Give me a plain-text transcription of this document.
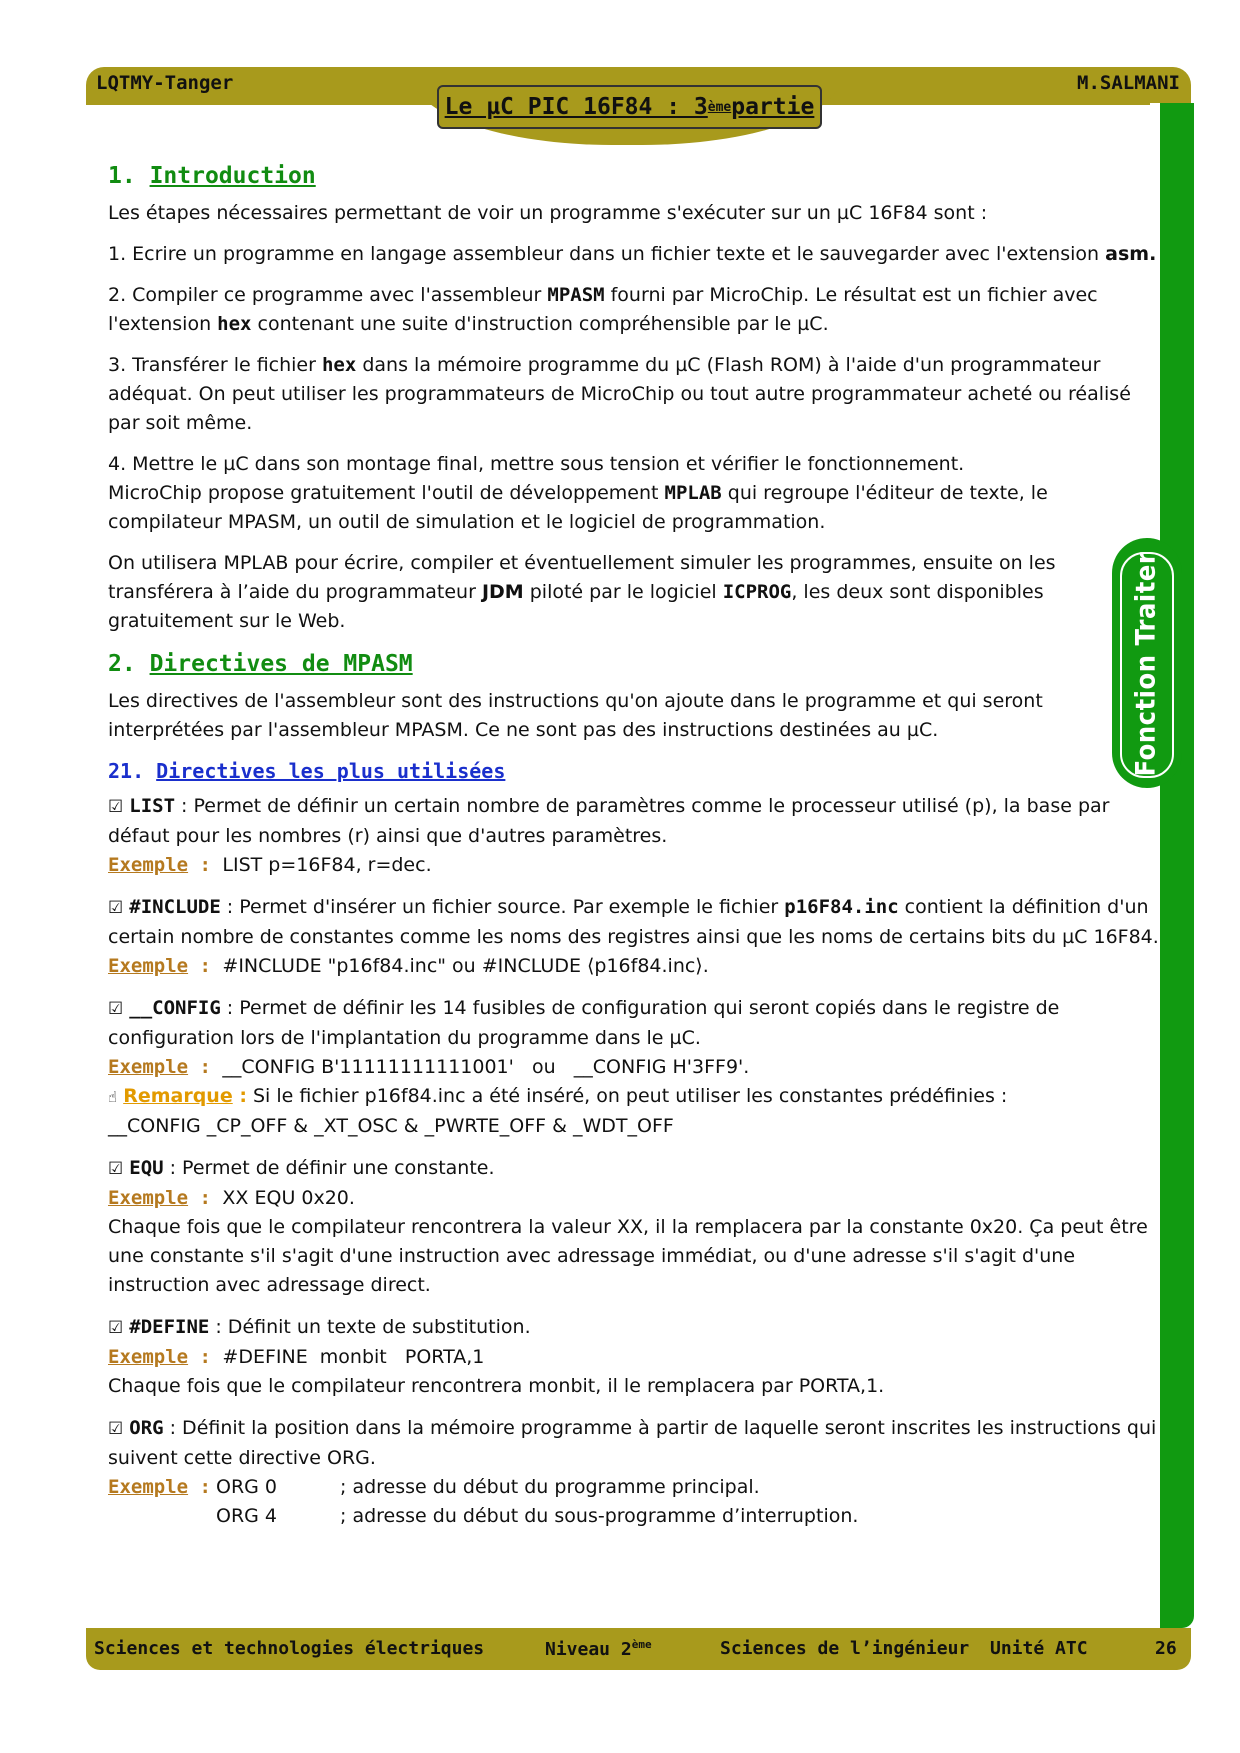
LQTMY-Tanger	M.SALMANI
Le µC PIC 16F84 : 3 ème partie
Fonction Traiter
1. Introduction

Les étapes nécessaires permettant de voir un programme s'exécuter sur un µC 16F84 sont :

1. Ecrire un programme en langage assembleur dans un fichier texte et le sauvegarder avec l'extension asm.

2. Compiler ce programme avec l'assembleur MPASM fourni par MicroChip. Le résultat est un fichier avec l'extension hex contenant une suite d'instruction compréhensible par le µC.

3. Transférer le fichier hex dans la mémoire programme du µC (Flash ROM) à l'aide d'un programmateur adéquat. On peut utiliser les programmateurs de MicroChip ou tout autre programmateur acheté ou réalisé par soit même.

4. Mettre le µC dans son montage final, mettre sous tension et vérifier le fonctionnement.
MicroChip propose gratuitement l'outil de développement MPLAB qui regroupe l'éditeur de texte, le compilateur MPASM, un outil de simulation et le logiciel de programmation.

On utilisera MPLAB pour écrire, compiler et éventuellement simuler les programmes, ensuite on les transférera à l’aide du programmateur JDM piloté par le logiciel ICPROG, les deux sont disponibles gratuitement sur le Web.

2. Directives de MPASM

Les directives de l'assembleur sont des instructions qu'on ajoute dans le programme et qui seront interprétées par l'assembleur MPASM. Ce ne sont pas des instructions destinées au µC.

21. Directives les plus utilisées
☑ LIST : Permet de définir un certain nombre de paramètres comme le processeur utilisé (p), la base par défaut pour les nombres (r) ainsi que d'autres paramètres.
Exemple : LIST p=16F84, r=dec.
☑ #INCLUDE : Permet d'insérer un fichier source. Par exemple le fichier p16F84.inc contient la définition d'un certain nombre de constantes comme les noms des registres ainsi que les noms de certains bits du µC 16F84.
Exemple : #INCLUDE "p16f84.inc" ou #INCLUDE ⟨p16f84.inc⟩.
☑ __CONFIG : Permet de définir les 14 fusibles de configuration qui seront copiés dans le registre de configuration lors de l'implantation du programme dans le µC.
Exemple : __CONFIG B'11111111111001'   ou   __CONFIG H'3FF9'.
☝ Remarque : Si le fichier p16f84.inc a été inséré, on peut utiliser les constantes prédéfinies :
__CONFIG _CP_OFF & _XT_OSC & _PWRTE_OFF & _WDT_OFF
☑ EQU : Permet de définir une constante.
Exemple : XX EQU 0x20.
Chaque fois que le compilateur rencontrera la valeur XX, il la remplacera par la constante 0x20. Ça peut être une constante s'il s'agit d'une instruction avec adressage immédiat, ou d'une adresse s'il s'agit d'une instruction avec adressage direct.
☑ #DEFINE : Définit un texte de substitution.
Exemple : #DEFINE  monbit   PORTA,1
Chaque fois que le compilateur rencontrera monbit, il le remplacera par PORTA,1.
☑ ORG : Définit la position dans la mémoire programme à partir de laquelle seront inscrites les instructions qui suivent cette directive ORG.
Exemple : ORG 0	; adresse du début du programme principal.
ORG 4	; adresse du début du sous-programme d’interruption.
Sciences et technologies électriques	Niveau 2ème	Sciences de l’ingénieur Unité ATC	26
